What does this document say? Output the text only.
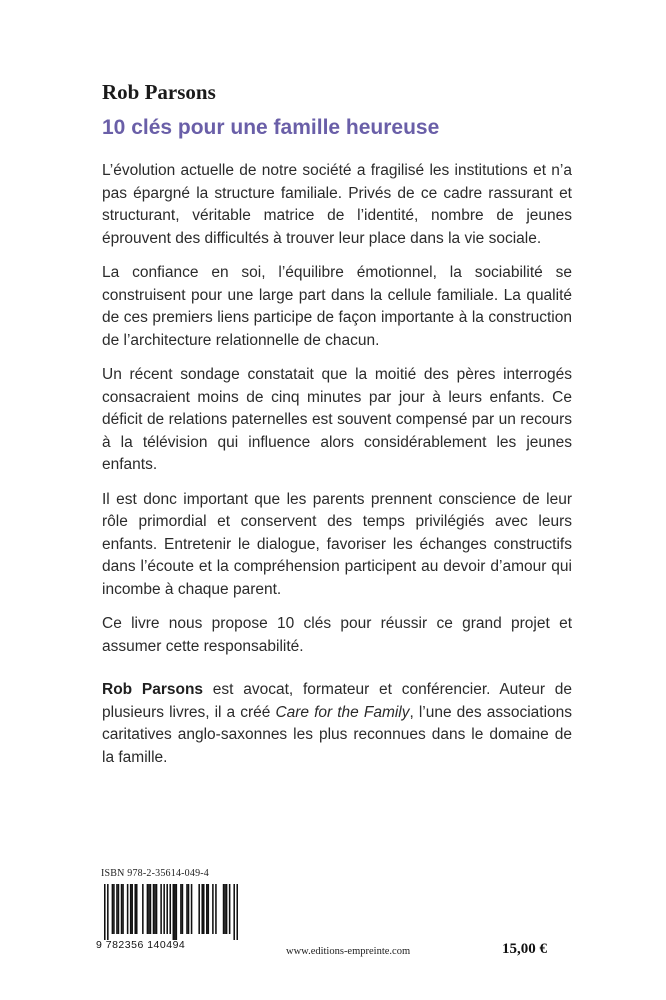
Rob Parsons
10 clés pour une famille heureuse

L’évolution actuelle de notre société a fragilisé les institutions et n’a pas épargné la structure familiale. Privés de ce cadre rassurant et structurant, véritable matrice de l’identité, nombre de jeunes éprouvent des difficultés à trouver leur place dans la vie sociale.

La confiance en soi, l’équilibre émotionnel, la sociabilité se construisent pour une large part dans la cellule familiale. La qualité de ces premiers liens participe de façon importante à la construction de l’architecture relationnelle de chacun.

Un récent sondage constatait que la moitié des pères interrogés consacraient moins de cinq minutes par jour à leurs enfants. Ce déficit de relations paternelles est souvent compensé par un recours à la télévision qui influence alors considérablement les jeunes enfants.

Il est donc important que les parents prennent conscience de leur rôle primordial et conservent des temps privilégiés avec leurs enfants. Entretenir le dialogue, favoriser les échanges constructifs dans l’écoute et la compréhension participent au devoir d’amour qui incombe à chaque parent.

Ce livre nous propose 10 clés pour réussir ce grand projet et assumer cette responsabilité.

Rob Parsons est avocat, formateur et conférencier. Auteur de plusieurs livres, il a créé Care for the Family, l’une des associations caritatives anglo-saxonnes les plus reconnues dans le domaine de la famille.

ISBN 978-2-35614-049-4
9 782356 140494
www.editions-empreinte.com	15,00 €
